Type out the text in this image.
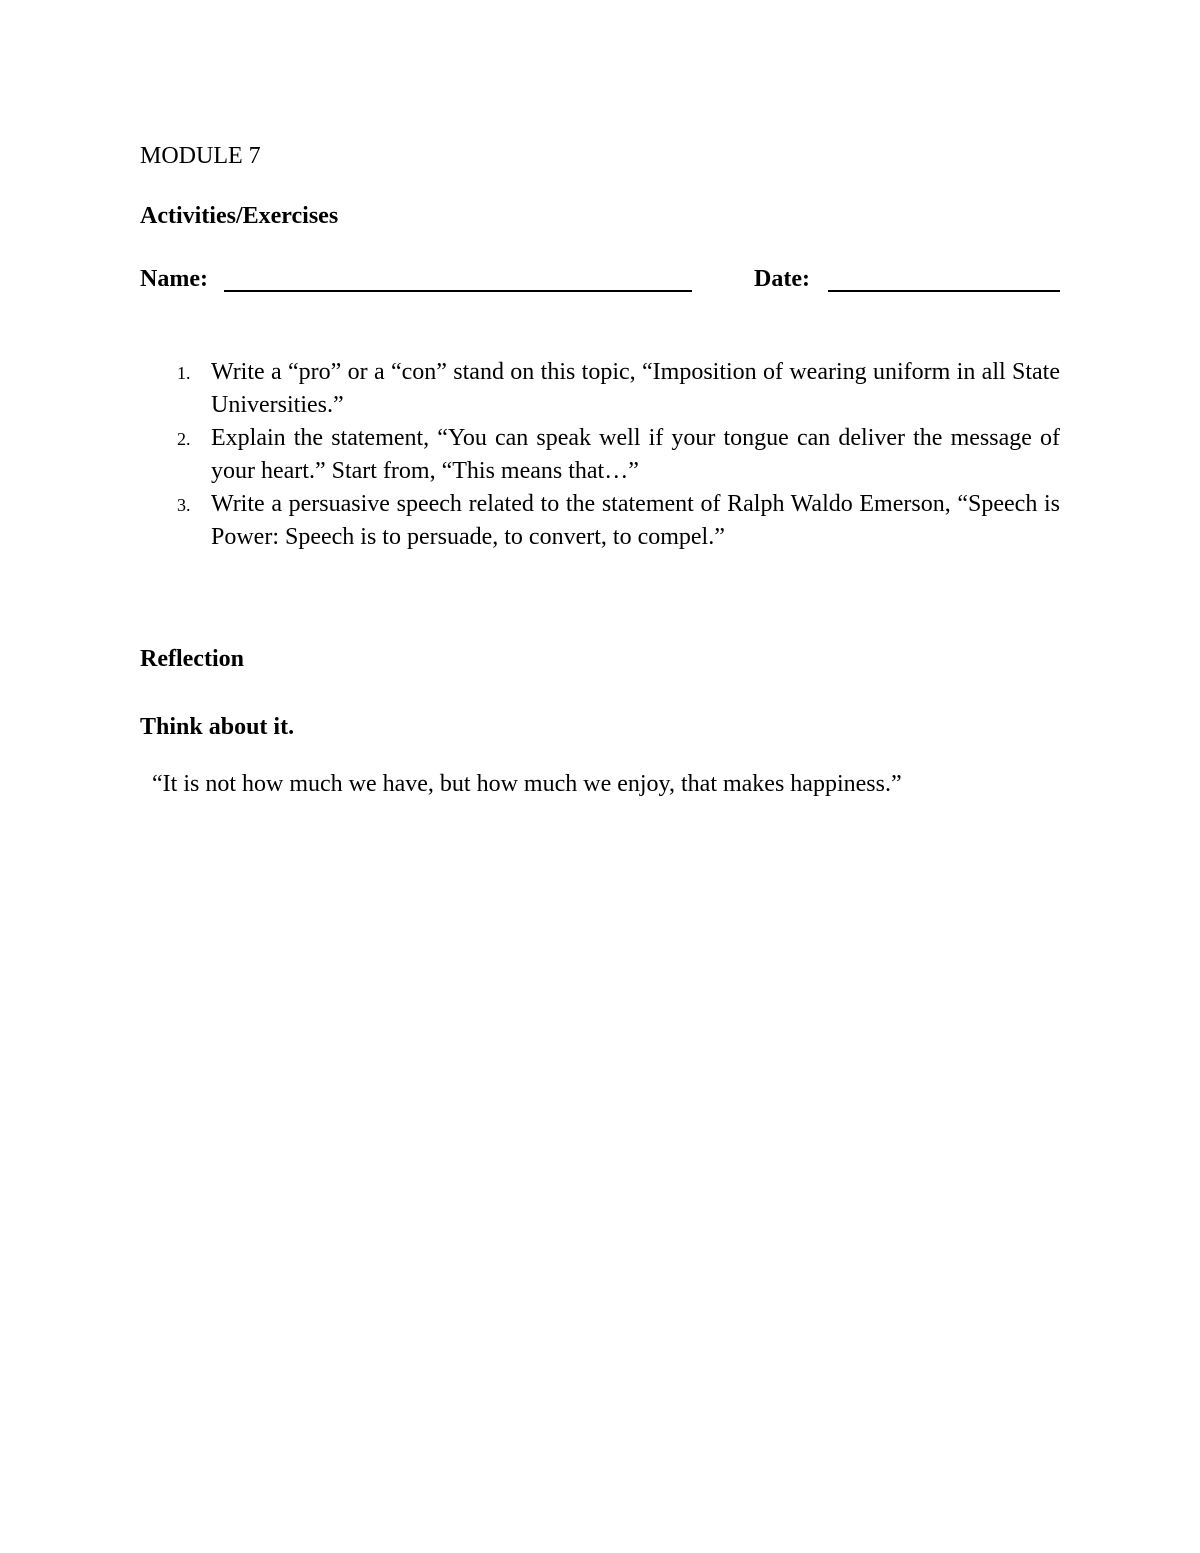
MODULE 7
Activities/Exercises
Name:	Date:
1. Write a “pro” or a “con” stand on this topic, “Imposition of wearing uniform in all State Universities.”
2. Explain the statement, “You can speak well if your tongue can deliver the message of your heart.” Start from, “This means that…”
3. Write a persuasive speech related to the statement of Ralph Waldo Emerson, “Speech is Power: Speech is to persuade, to convert, to compel.”
Reflection
Think about it.
“It is not how much we have, but how much we enjoy, that makes happiness.”
